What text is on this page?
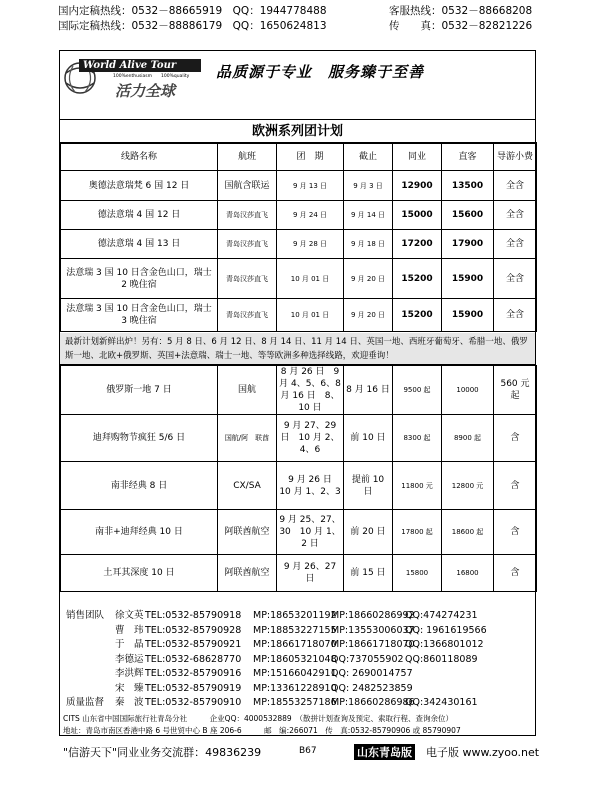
国内定稿热线：0532－88665919　QQ：1944778488	客服热线：0532－88668208
国际定稿热线：0532－88886179　QQ：1650624813	传　　真：0532－82821226
World Alive Tour
100%enthusiasm 100%quality
活力全球
品质源于专业　服务臻于至善
欧洲系列团计划
线路名称	航班	团　期	截止	同业	直客	导游小费
奥德法意瑞梵 6 国 12 日	国航含联运	9 月 13 日	9 月 3 日	12900	13500	全含
德法意瑞 4 国 12 日	青岛汉莎直飞	9 月 24 日	9 月 14 日	15000	15600	全含
德法意瑞 4 国 13 日	青岛汉莎直飞	9 月 28 日	9 月 18 日	17200	17900	全含
法意瑞 3 国 10 日含金色山口，瑞士 2 晚住宿	青岛汉莎直飞	10 月 01 日	9 月 20 日	15200	15900	全含
法意瑞 3 国 10 日含金色山口，瑞士 3 晚住宿	青岛汉莎直飞	10 月 01 日	9 月 20 日	15200	15900	全含
最新计划新鲜出炉！另有：5 月 8 日、6 月 12 日、8 月 14 日、11 月 14 日、英国一地、西班牙葡萄牙、希腊一地、俄罗斯一地、北欧+俄罗斯、英国+法意瑞、瑞士一地、等等欧洲多种选择线路，欢迎垂询！
俄罗斯一地 7 日	国航	8 月 26 日　9 月 4、5、6、8 月 16 日　8、10 日	8 月 16 日	9500 起	10000	560 元起
迪拜购物节疯狂 5/6 日	国航/阿　联酋	9 月 27、29 日　10 月 2、4、6	前 10 日	8300 起	8900 起	含
南非经典 8 日	CX/SA	9 月 26 日　10 月 1、2、3	提前 10 日	11800 元	12800 元	含
南非+迪拜经典 10 日	阿联酋航空	9 月 25、27、30　10 月 1、2 日	前 20 日	17800 起	18600 起	含
土耳其深度 10 日	阿联酋航空	9 月 26、27 日	前 15 日	15800	16800	含
销售团队 徐文英 TEL:0532-85790918 MP:18653201192
MP:18660286992
QQ:474274231
曹　玮 TEL:0532-85790928 MP:18853227155
MP:13553006037
QQ: 1961619566
于　晶 TEL:0532-85790921 MP:18661718070
MP:18661718070
QQ:1366801012
李德运 TEL:0532-68628770 MP:18605321048
QQ:737055902 QQ:860118089
李洪辉 TEL:0532-85790916 MP:15166042911
QQ: 2690014757
宋　臻 TEL:0532-85790919 MP:13361228910
QQ: 2482523859
质量监督 秦　波 TEL:0532-85790910 MP:18553257186
MP:18660286986
QQ:342430161
CITS 山东省中国国际旅行社青岛分社　　　企业QQ：4000532889　（散拼计划查询及预定、索取行程、查询余位）
地址：青岛市南区香港中路 6 号世贸中心 B 座 206-6　　　邮　编:266071　传　真:0532-85790906 或 85790907
"信游天下"同业业务交流群：49836239	B67	山东青岛版 电子版 www.zyoo.net
